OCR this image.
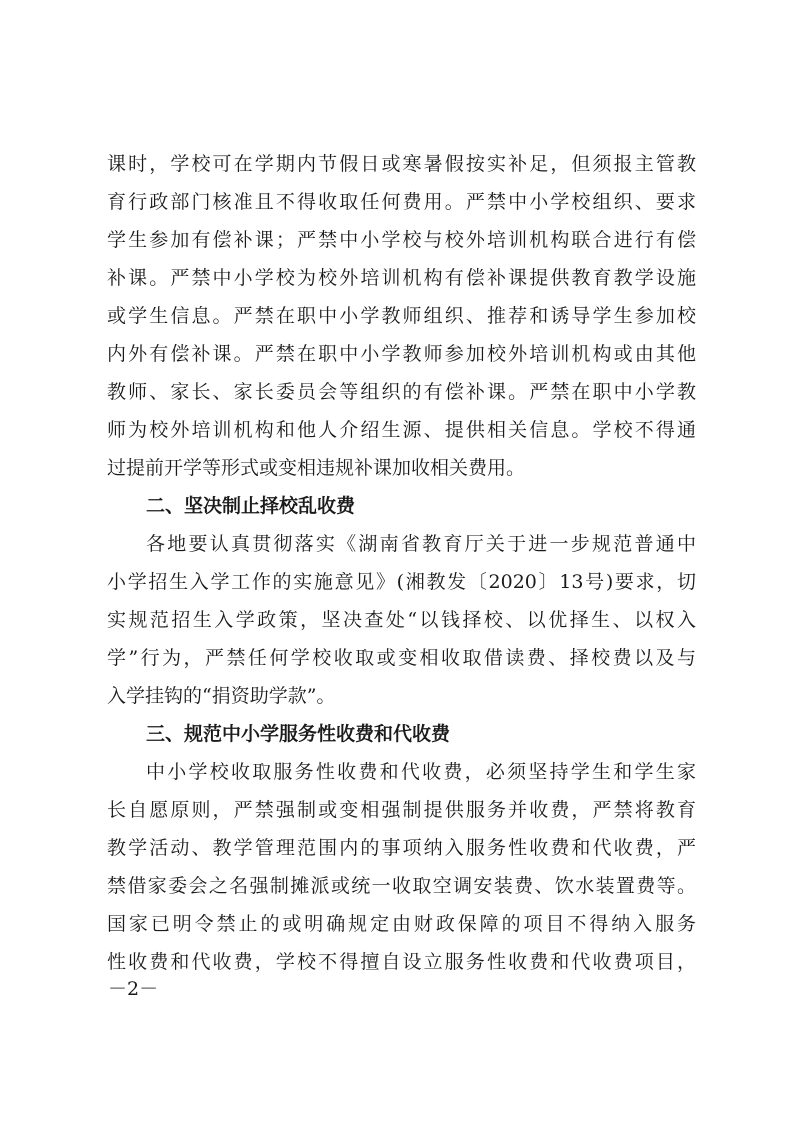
课时，学校可在学期内节假日或寒暑假按实补足，但须报主管教
育行政部门核准且不得收取任何费用。严禁中小学校组织、要求
学生参加有偿补课；严禁中小学校与校外培训机构联合进行有偿
补课。严禁中小学校为校外培训机构有偿补课提供教育教学设施
或学生信息。严禁在职中小学教师组织、推荐和诱导学生参加校
内外有偿补课。严禁在职中小学教师参加校外培训机构或由其他
教师、家长、家长委员会等组织的有偿补课。严禁在职中小学教
师为校外培训机构和他人介绍生源、提供相关信息。学校不得通
过提前开学等形式或变相违规补课加收相关费用。
二、坚决制止择校乱收费
各地要认真贯彻落实《湖南省教育厅关于进一步规范普通中
小学招生入学工作的实施意见》(湘教发〔2020〕13号)要求，切
实规范招生入学政策，坚决查处“以钱择校、以优择生、以权入
学”行为，严禁任何学校收取或变相收取借读费、择校费以及与
入学挂钩的“捐资助学款”。
三、规范中小学服务性收费和代收费
中小学校收取服务性收费和代收费，必须坚持学生和学生家
长自愿原则，严禁强制或变相强制提供服务并收费，严禁将教育
教学活动、教学管理范围内的事项纳入服务性收费和代收费，严
禁借家委会之名强制摊派或统一收取空调安装费、饮水装置费等。
国家已明令禁止的或明确规定由财政保障的项目不得纳入服务
性收费和代收费，学校不得擅自设立服务性收费和代收费项目，
－2－
